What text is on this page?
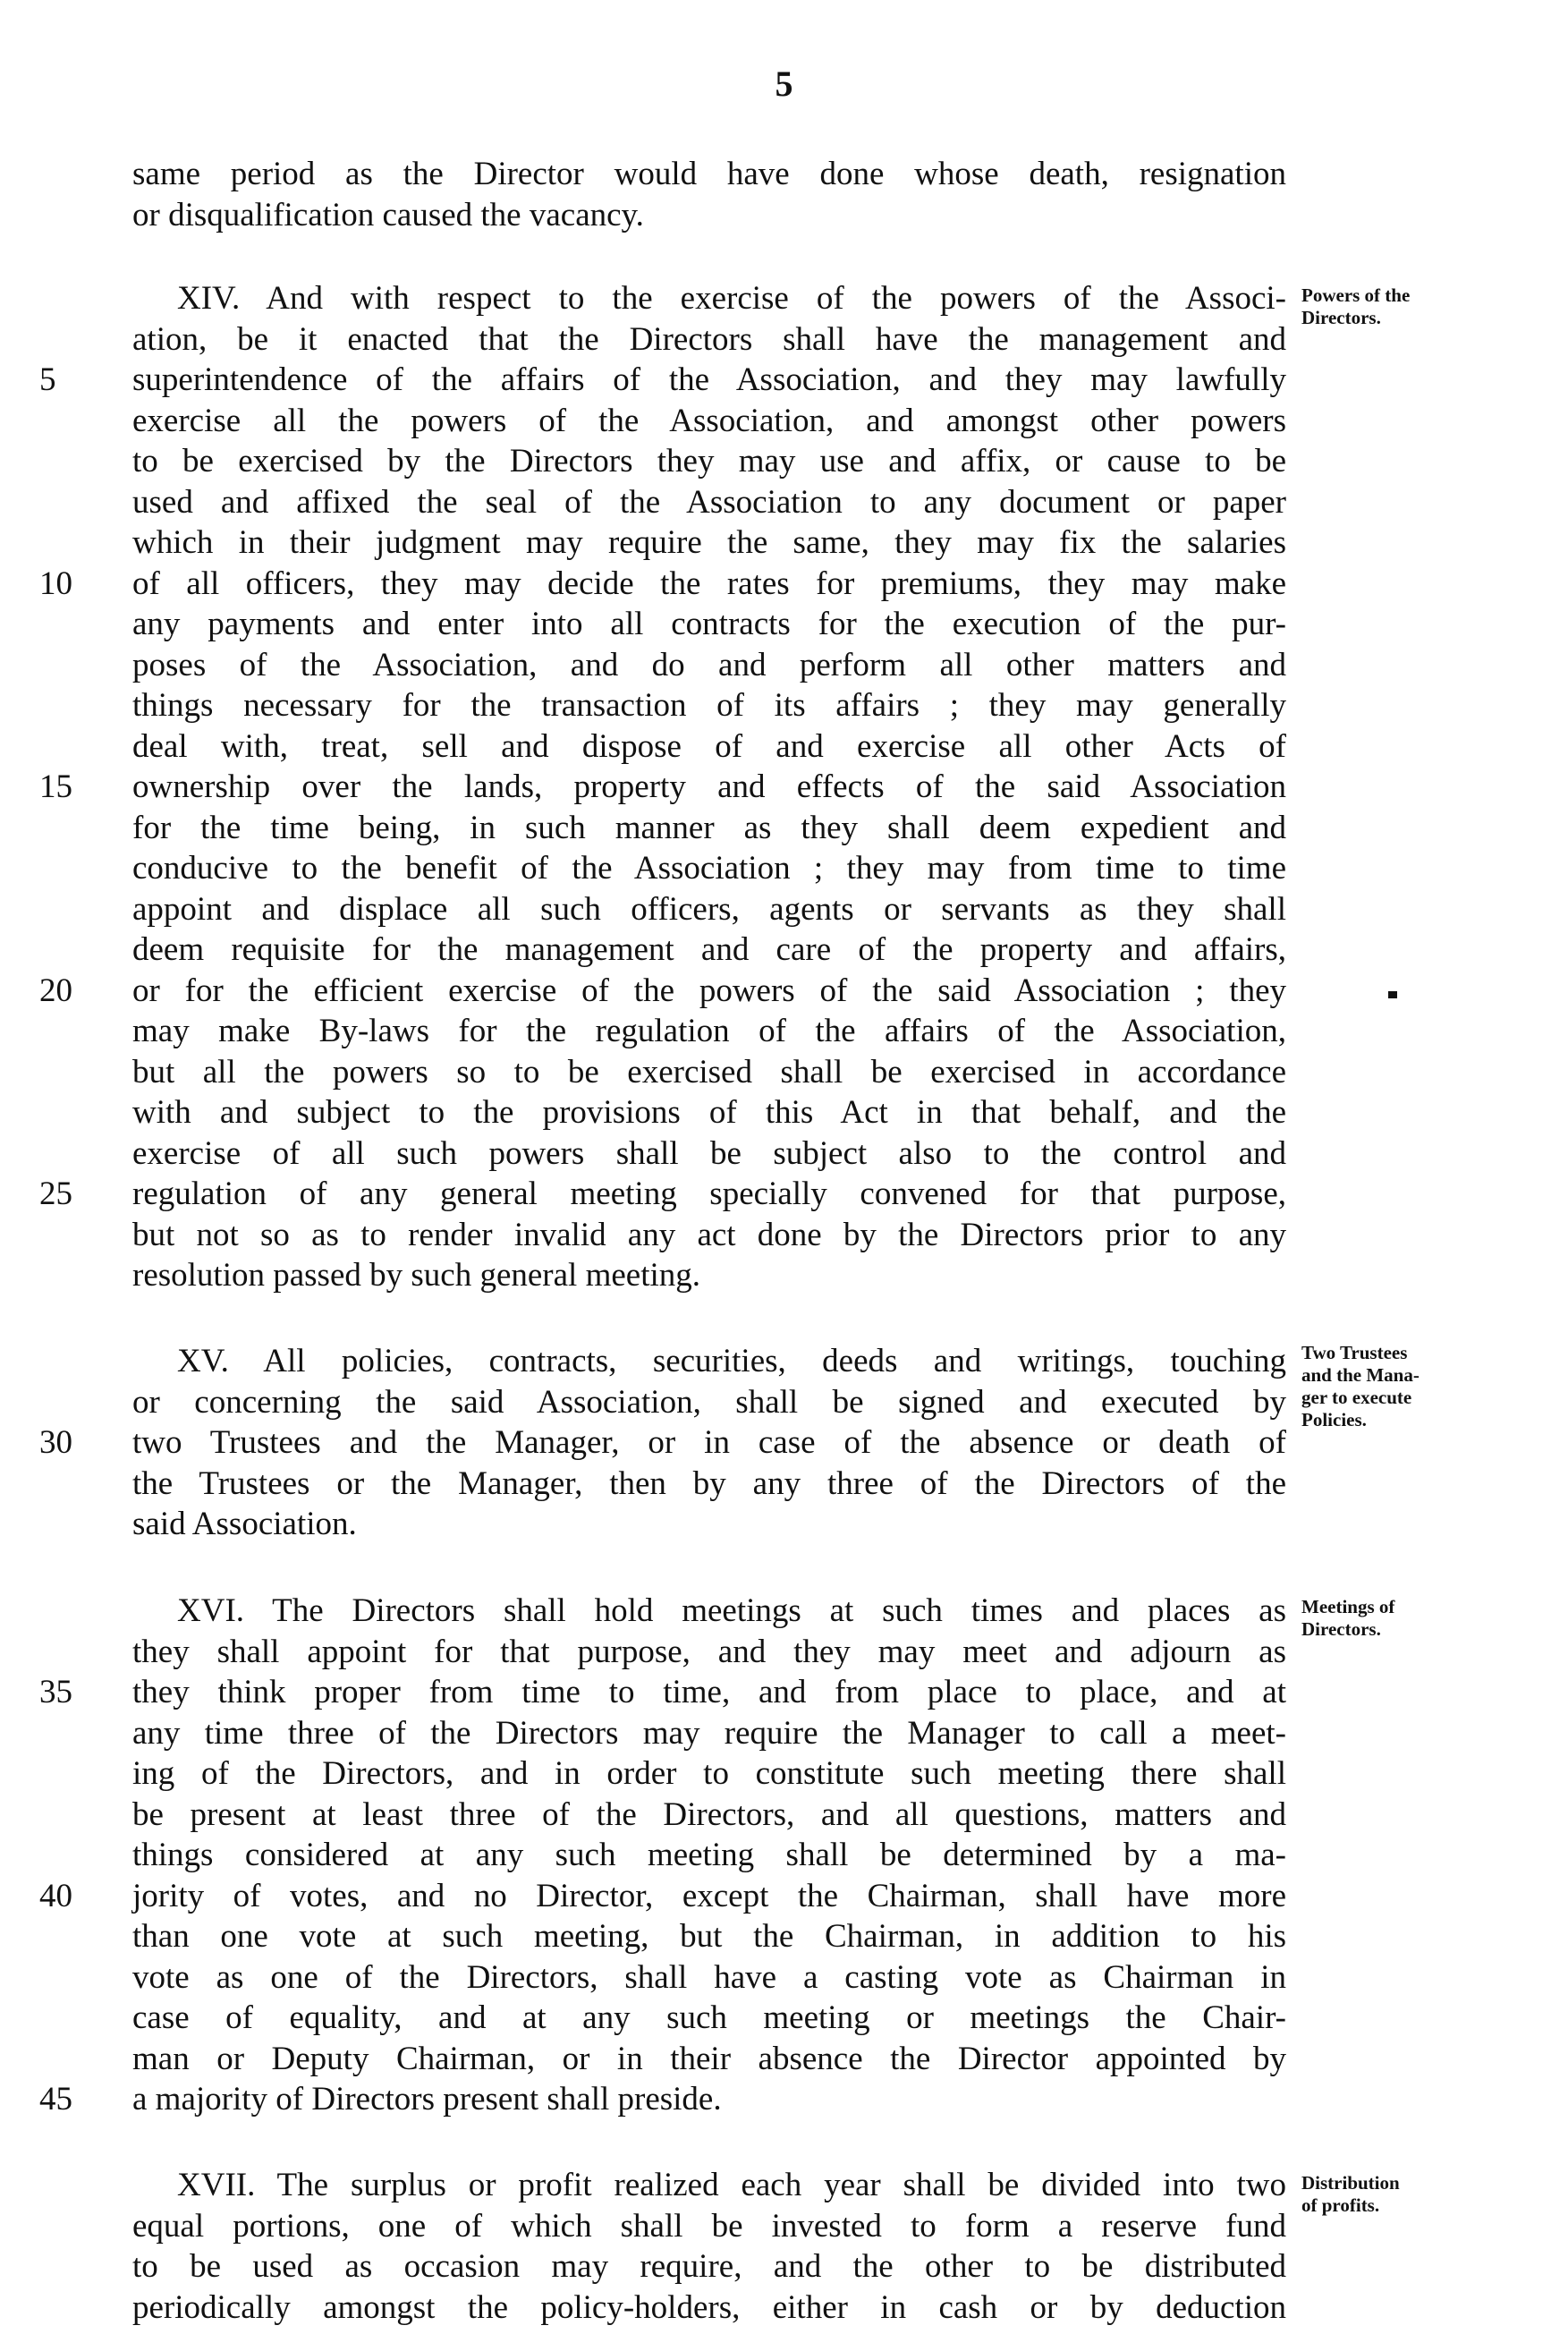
5
same period as the Director would have done whose death, resignation
or disqualification caused the vacancy.
XIV. And with respect to the exercise of the powers of the Associ-
ation, be it enacted that the Directors shall have the management and
superintendence of the affairs of the Association, and they may lawfully
5
exercise all the powers of the Association, and amongst other powers
to be exercised by the Directors they may use and affix, or cause to be
used and affixed the seal of the Association to any document or paper
which in their judgment may require the same, they may fix the salaries
of all officers, they may decide the rates for premiums, they may make
10
any payments and enter into all contracts for the execution of the pur-
poses of the Association, and do and perform all other matters and
things necessary for the transaction of its affairs ; they may generally
deal with, treat, sell and dispose of and exercise all other Acts of
ownership over the lands, property and effects of the said Association
15
for the time being, in such manner as they shall deem expedient and
conducive to the benefit of the Association ; they may from time to time
appoint and displace all such officers, agents or servants as they shall
deem requisite for the management and care of the property and affairs,
or for the efficient exercise of the powers of the said Association ; they
20
may make By-laws for the regulation of the affairs of the Association,
but all the powers so to be exercised shall be exercised in accordance
with and subject to the provisions of this Act in that behalf, and the
exercise of all such powers shall be subject also to the control and
regulation of any general meeting specially convened for that purpose,
25
but not so as to render invalid any act done by the Directors prior to any
resolution passed by such general meeting.
XV. All policies, contracts, securities, deeds and writings, touching
or concerning the said Association, shall be signed and executed by
two Trustees and the Manager, or in case of the absence or death of
30
the Trustees or the Manager, then by any three of the Directors of the
said Association.
XVI. The Directors shall hold meetings at such times and places as
they shall appoint for that purpose, and they may meet and adjourn as
they think proper from time to time, and from place to place, and at
35
any time three of the Directors may require the Manager to call a meet-
ing of the Directors, and in order to constitute such meeting there shall
be present at least three of the Directors, and all questions, matters and
things considered at any such meeting shall be determined by a ma-
jority of votes, and no Director, except the Chairman, shall have more
40
than one vote at such meeting, but the Chairman, in addition to his
vote as one of the Directors, shall have a casting vote as Chairman in
case of equality, and at any such meeting or meetings the Chair-
man or Deputy Chairman, or in their absence the Director appointed by
a majority of Directors present shall preside.
45
XVII. The surplus or profit realized each year shall be divided into two
equal portions, one of which shall be invested to form a reserve fund
to be used as occasion may require, and the other to be distributed
periodically amongst the policy-holders, either in cash or by deduction
Powers of the
Directors.
Two Trustees
and the Mana-
ger to execute
Policies.
Meetings of
Directors.
Distribution
of profits.
